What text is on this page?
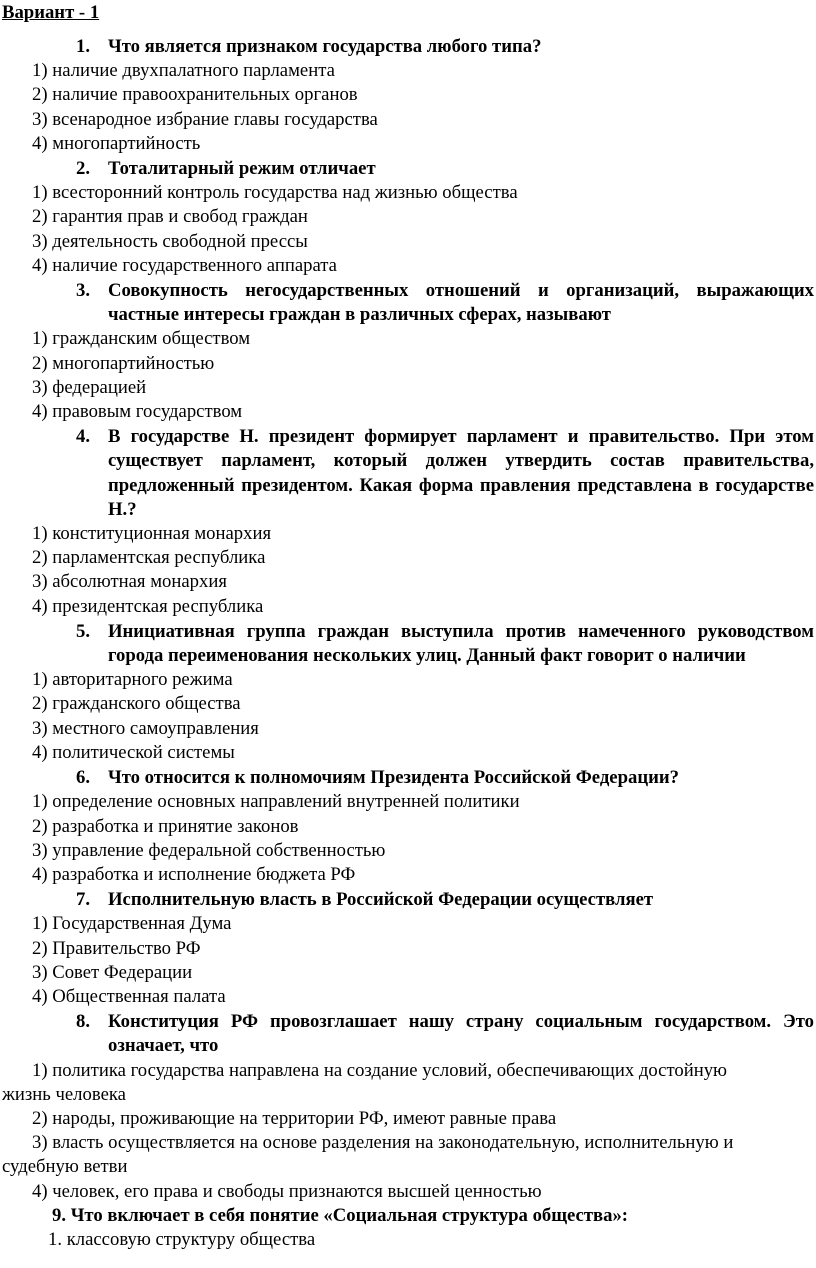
Вариант - 1
1. Что является признаком государства любого типа?
1) наличие двухпалатного парламента
2) наличие правоохранительных органов
3) всенародное избрание главы государства
4) многопартийность
2. Тоталитарный режим отличает
1) всесторонний контроль государства над жизнью общества
2) гарантия прав и свобод граждан
3) деятельность свободной прессы
4) наличие государственного аппарата
3. Совокупность негосударственных отношений и организаций, выражающих частные интересы граждан в различных сферах, называют
1) гражданским обществом
2) многопартийностью
3) федерацией
4) правовым государством
4. В государстве Н. президент формирует парламент и правительство. При этом существует парламент, который должен утвердить состав правительства, предложенный президентом. Какая форма правления представлена в государстве Н.?
1) конституционная монархия
2) парламентская республика
3) абсолютная монархия
4) президентская республика
5. Инициативная группа граждан выступила против намеченного руководством города переименования нескольких улиц. Данный факт говорит о наличии
1) авторитарного режима
2) гражданского общества
3) местного самоуправления
4) политической системы
6. Что относится к полномочиям Президента Российской Федерации?
1) определение основных направлений внутренней политики
2) разработка и принятие законов
3) управление федеральной собственностью
4) разработка и исполнение бюджета РФ
7. Исполнительную власть в Российской Федерации осуществляет
1) Государственная Дума
2) Правительство РФ
3) Совет Федерации
4) Общественная палата
8. Конституция РФ провозглашает нашу страну социальным государством. Это означает, что
1) политика государства направлена на создание условий, обеспечивающих достойную жизнь человека
2) народы, проживающие на территории РФ, имеют равные права
3) власть осуществляется на основе разделения на законодательную, исполнительную и судебную ветви
4) человек, его права и свободы признаются высшей ценностью
9. Что включает в себя понятие «Социальная структура общества»:
1. классовую структуру общества
